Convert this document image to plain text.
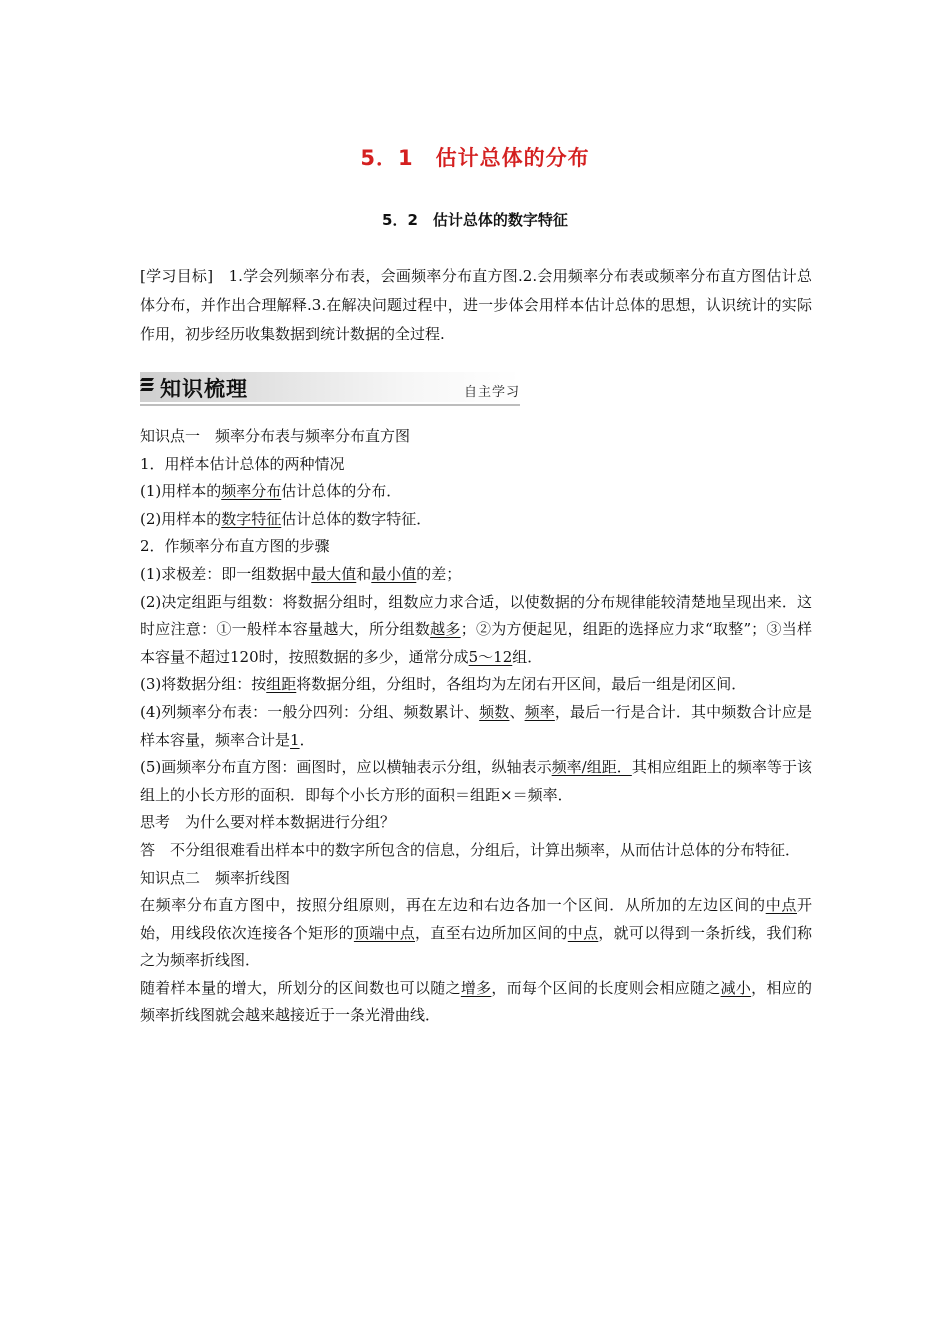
5．1　估计总体的分布
5．2　估计总体的数字特征
[学习目标]　1.学会列频率分布表，会画频率分布直方图.2.会用频率分布表或频率分布直方图估计总体分布，并作出合理解释.3.在解决问题过程中，进一步体会用样本估计总体的思想，认识统计的实际作用，初步经历收集数据到统计数据的全过程.
知识梳理	自主学习

知识点一　频率分布表与频率分布直方图

1．用样本估计总体的两种情况

(1)用样本的频率分布估计总体的分布．

(2)用样本的数字特征估计总体的数字特征．

2．作频率分布直方图的步骤

(1)求极差：即一组数据中最大值和最小值的差；

(2)决定组距与组数：将数据分组时，组数应力求合适，以使数据的分布规律能较清楚地呈现出来．这时应注意：①一般样本容量越大，所分组数越多；②为方便起见，组距的选择应力求“取整”；③当样本容量不超过120时，按照数据的多少，通常分成5～12组．

(3)将数据分组：按组距将数据分组，分组时，各组均为左闭右开区间，最后一组是闭区间．

(4)列频率分布表：一般分四列：分组、频数累计、频数、频率，最后一行是合计．其中频数合计应是样本容量，频率合计是1．

(5)画频率分布直方图：画图时，应以横轴表示分组，纵轴表示频率/组距．其相应组距上的频率等于该组上的小长方形的面积．即每个小长方形的面积＝组距×＝频率．

思考　为什么要对样本数据进行分组？

答　不分组很难看出样本中的数字所包含的信息，分组后，计算出频率，从而估计总体的分布特征．

知识点二　频率折线图

在频率分布直方图中，按照分组原则，再在左边和右边各加一个区间．从所加的左边区间的中点开始，用线段依次连接各个矩形的顶端中点，直至右边所加区间的中点，就可以得到一条折线，我们称之为频率折线图．

随着样本量的增大，所划分的区间数也可以随之增多，而每个区间的长度则会相应随之减小，相应的频率折线图就会越来越接近于一条光滑曲线．
